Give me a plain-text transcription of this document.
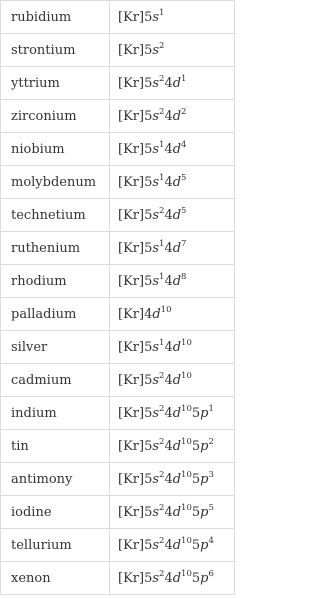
rubidium	$[Kr]5s^1$
strontium	$[Kr]5s^2$
yttrium	$[Kr]5s^24d^1$
zirconium	$[Kr]5s^24d^2$
niobium	$[Kr]5s^14d^4$
molybdenum	$[Kr]5s^14d^5$
technetium	$[Kr]5s^24d^5$
ruthenium	$[Kr]5s^14d^7$
rhodium	$[Kr]5s^14d^8$
palladium	$[Kr]4d^{10}$
silver	$[Kr]5s^14d^{10}$
cadmium	$[Kr]5s^24d^{10}$
indium	$[Kr]5s^24d^{10}5p^1$
tin	$[Kr]5s^24d^{10}5p^2$
antimony	$[Kr]5s^24d^{10}5p^3$
iodine	$[Kr]5s^24d^{10}5p^5$
tellurium	$[Kr]5s^24d^{10}5p^4$
xenon	$[Kr]5s^24d^{10}5p^6$
